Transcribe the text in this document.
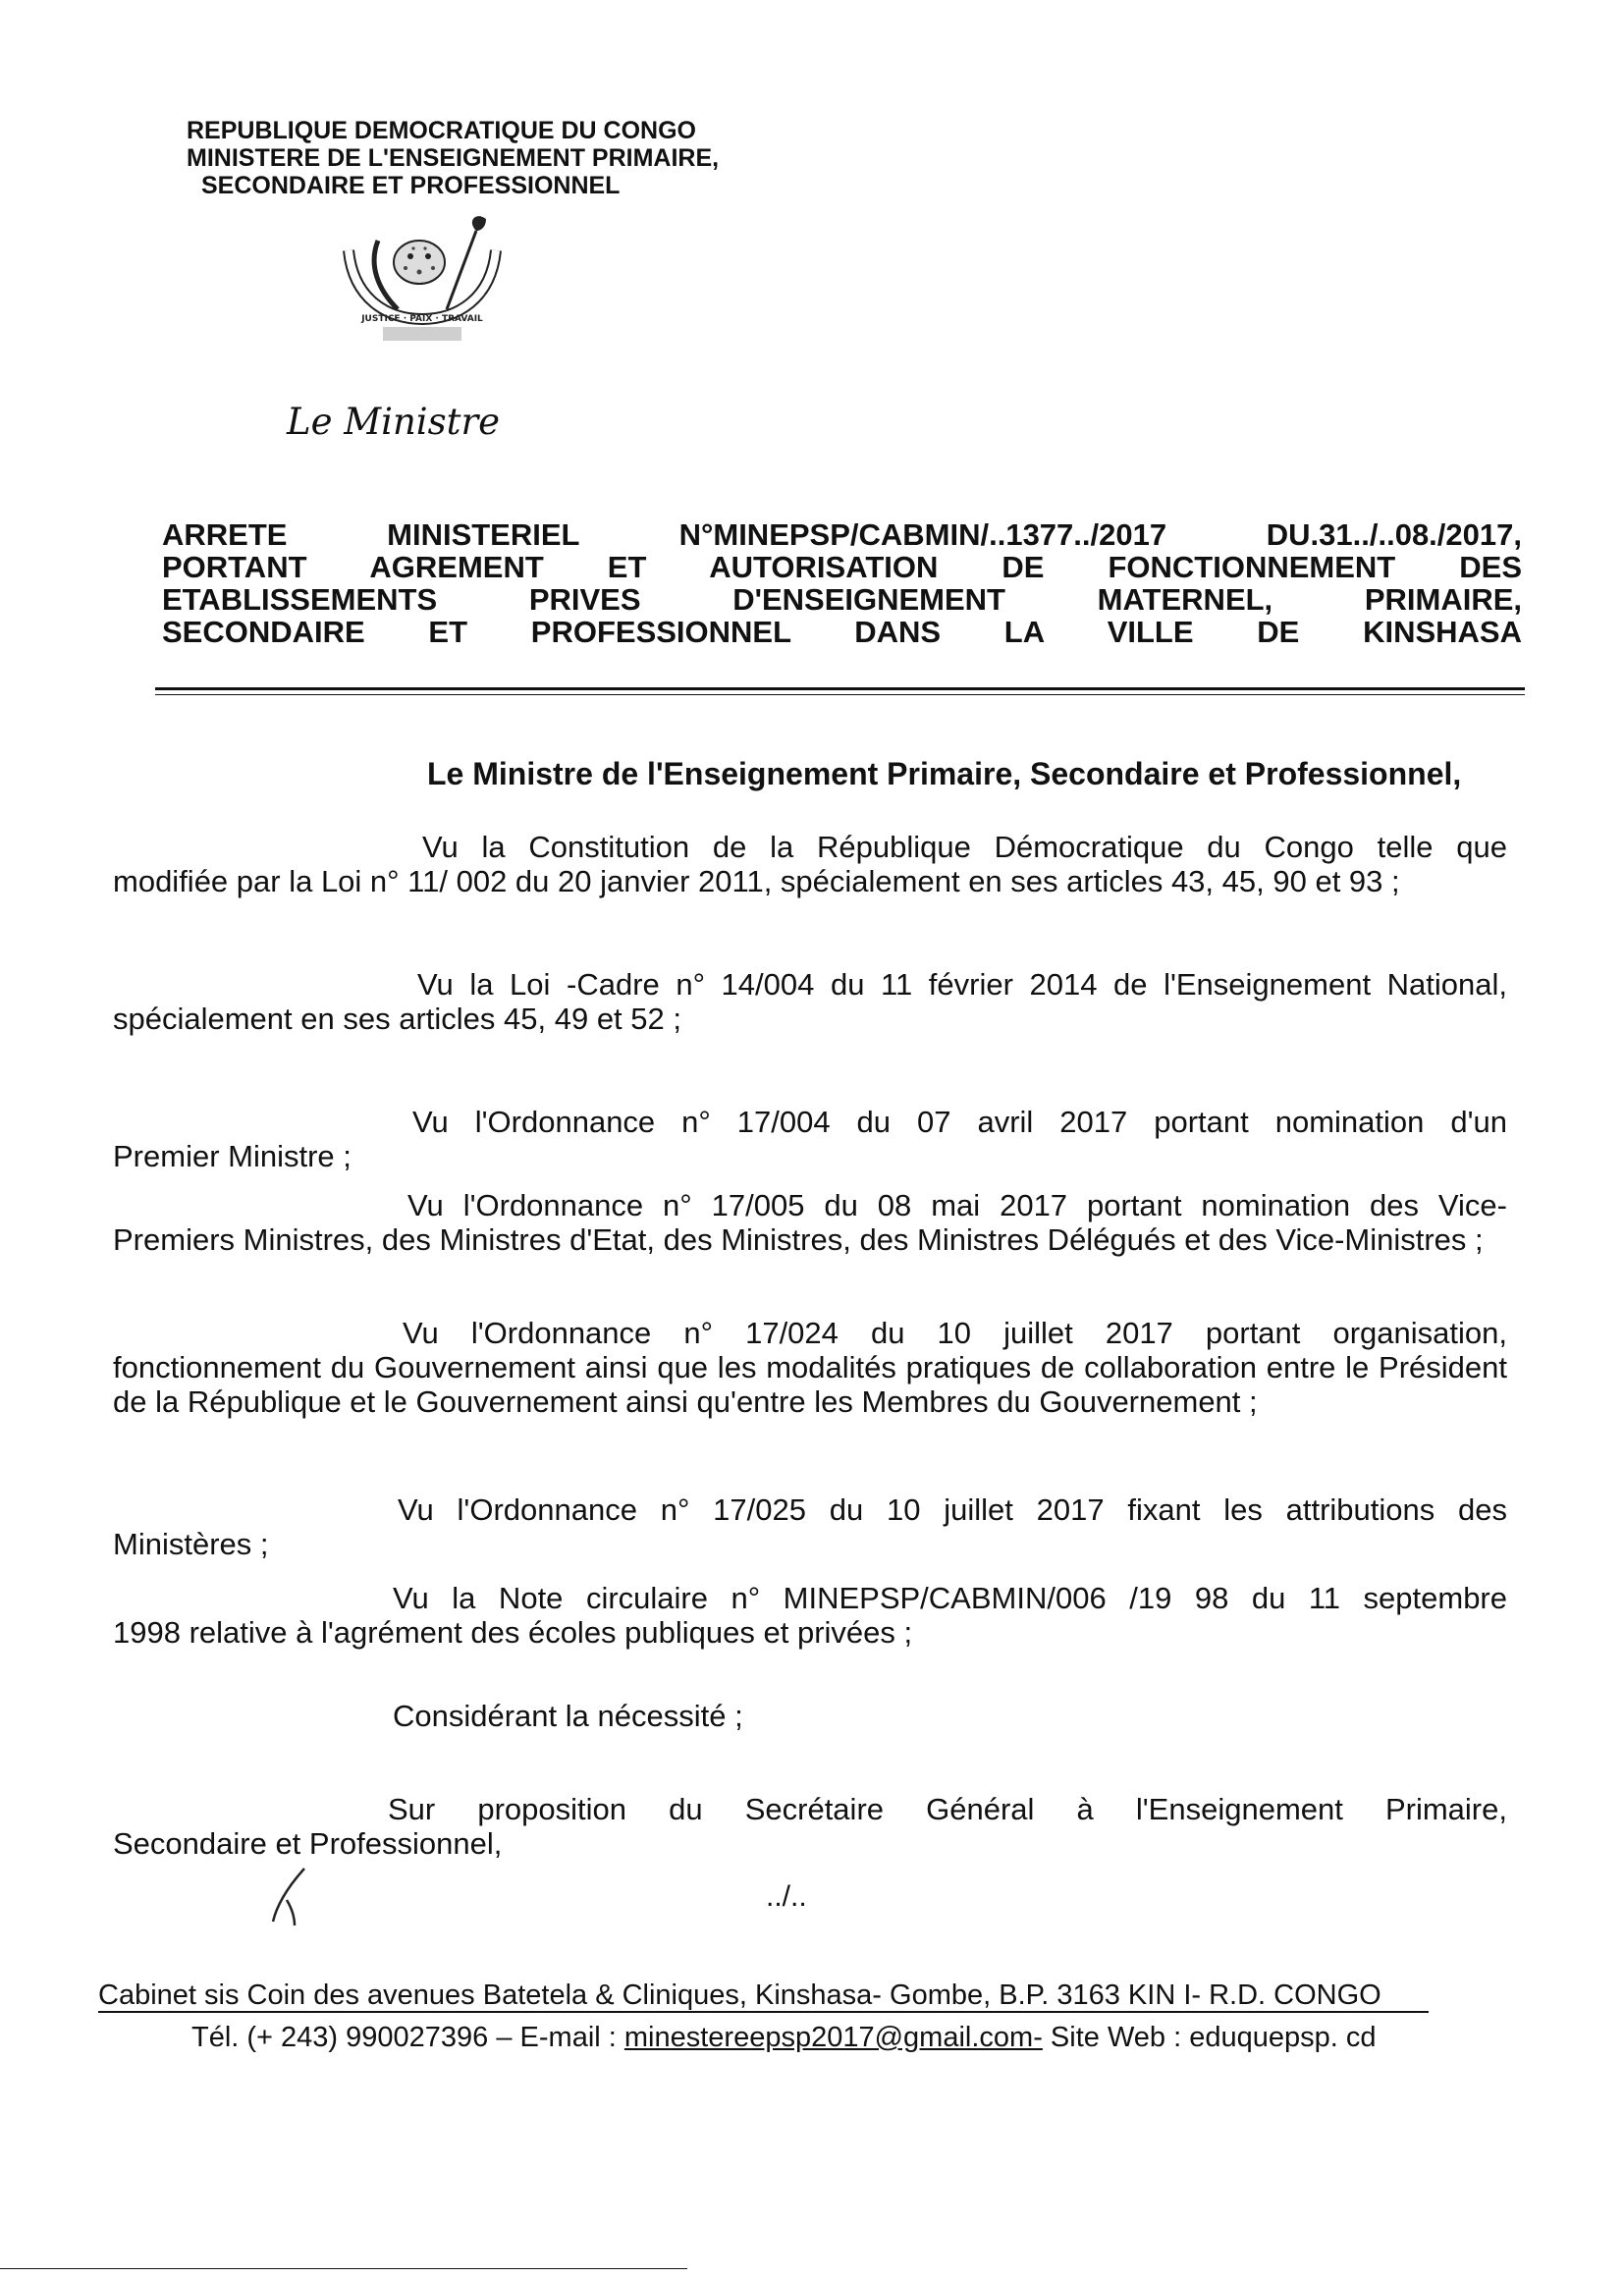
REPUBLIQUE DEMOCRATIQUE DU CONGO
MINISTERE DE L'ENSEIGNEMENT PRIMAIRE,
SECONDAIRE ET PROFESSIONNEL
JUSTICE · PAIX · TRAVAIL
Le Ministre
ARRETE MINISTERIEL N°MINEPSP/CABMIN/..1377../2017 DU.31../..08./2017,
PORTANT AGREMENT ET AUTORISATION DE FONCTIONNEMENT DES
ETABLISSEMENTS PRIVES D'ENSEIGNEMENT MATERNEL, PRIMAIRE,
SECONDAIRE ET PROFESSIONNEL DANS LA VILLE DE KINSHASA
Le Ministre de l'Enseignement Primaire, Secondaire et Professionnel,
Vu la Constitution de la République Démocratique du Congo telle que
modifiée par la Loi n° 11/ 002 du 20 janvier 2011, spécialement en ses articles 43, 45, 90 et 93 ;
Vu la Loi -Cadre n° 14/004 du 11 février 2014 de l'Enseignement National,
spécialement en ses articles 45, 49 et 52 ;
Vu l'Ordonnance n° 17/004 du 07 avril 2017 portant nomination d'un
Premier Ministre ;
Vu l'Ordonnance n° 17/005 du 08 mai 2017 portant nomination des Vice-
Premiers Ministres, des Ministres d'Etat, des Ministres, des Ministres Délégués et des Vice-Ministres ;
Vu l'Ordonnance n° 17/024 du 10 juillet 2017 portant organisation,
fonctionnement du Gouvernement ainsi que les modalités pratiques de collaboration entre le Président de la République et le Gouvernement ainsi qu'entre les Membres du Gouvernement ;
Vu l'Ordonnance n° 17/025 du 10 juillet 2017 fixant les attributions des
Ministères ;
Vu la Note circulaire n° MINEPSP/CABMIN/006 /19 98 du 11 septembre
1998 relative à l'agrément des écoles publiques et privées ;
Considérant la nécessité ;
Sur proposition du Secrétaire Général à l'Enseignement Primaire,
Secondaire et Professionnel,
../..
Cabinet sis Coin des avenues Batetela & Cliniques, Kinshasa- Gombe, B.P. 3163 KIN I- R.D. CONGO
Tél. (+ 243) 990027396 – E-mail : minestereepsp2017@gmail.com- Site Web : eduquepsp. cd
